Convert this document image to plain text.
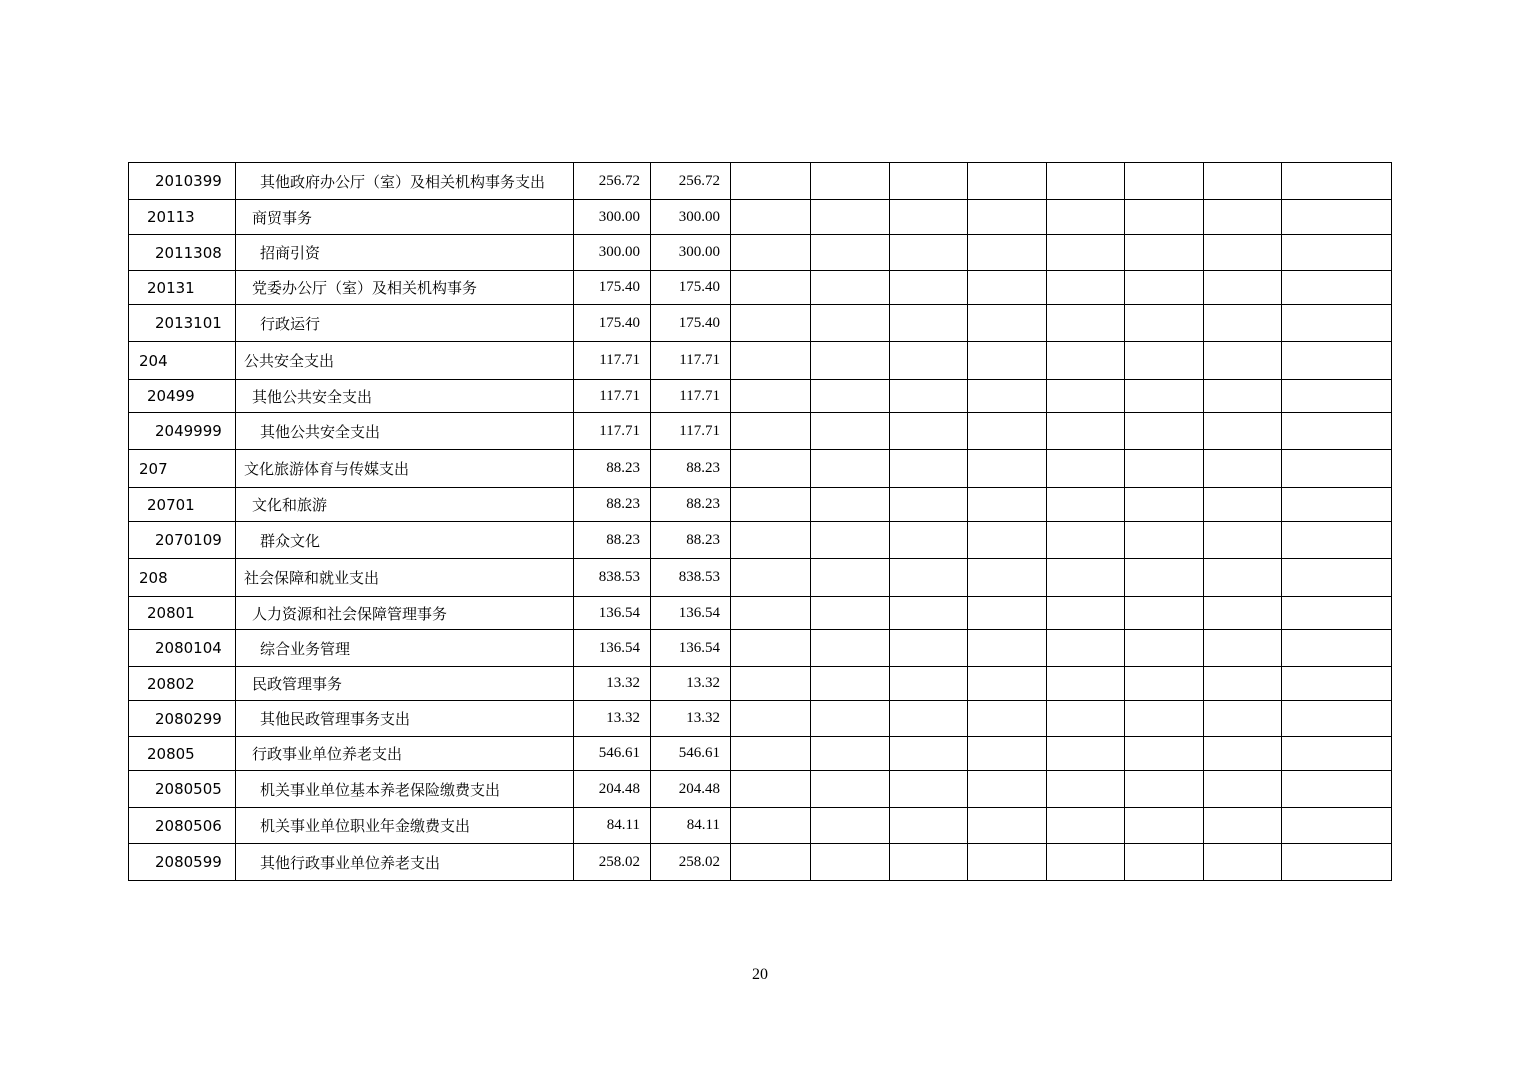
2010399	其他政府办公厅（室）及相关机构事务支出	256.72	256.72								
20113	商贸事务	300.00	300.00								
2011308	招商引资	300.00	300.00								
20131	党委办公厅（室）及相关机构事务	175.40	175.40								
2013101	行政运行	175.40	175.40								
204	公共安全支出	117.71	117.71								
20499	其他公共安全支出	117.71	117.71								
2049999	其他公共安全支出	117.71	117.71								
207	文化旅游体育与传媒支出	88.23	88.23								
20701	文化和旅游	88.23	88.23								
2070109	群众文化	88.23	88.23								
208	社会保障和就业支出	838.53	838.53								
20801	人力资源和社会保障管理事务	136.54	136.54								
2080104	综合业务管理	136.54	136.54								
20802	民政管理事务	13.32	13.32								
2080299	其他民政管理事务支出	13.32	13.32								
20805	行政事业单位养老支出	546.61	546.61								
2080505	机关事业单位基本养老保险缴费支出	204.48	204.48								
2080506	机关事业单位职业年金缴费支出	84.11	84.11								
2080599	其他行政事业单位养老支出	258.02	258.02								
20
